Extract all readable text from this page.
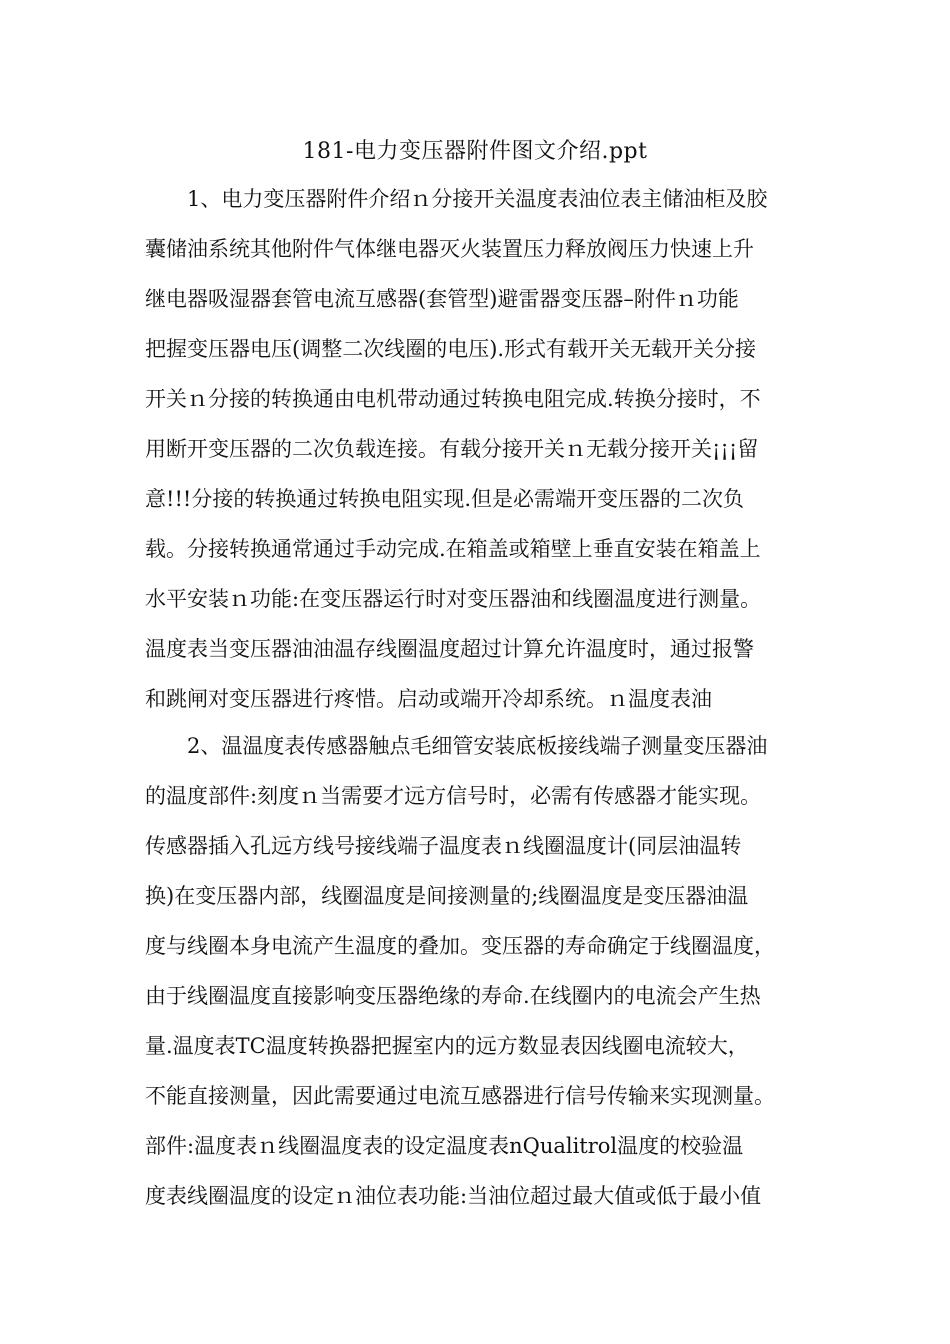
181-电力变压器附件图文介绍.ppt
1、电力变压器附件介绍ｎ分接开关温度表油位表主储油柜及胶
囊储油系统其他附件气体继电器灭火装置压力释放阀压力快速上升
继电器吸湿器套管电流互感器(套管型)避雷器变压器–附件ｎ功能
把握变压器电压(调整二次线圈的电压).形式有载开关无载开关分接
开关ｎ分接的转换通由电机带动通过转换电阻完成.转换分接时，不
用断开变压器的二次负载连接。有载分接开关ｎ无载分接开关¡¡¡留
意!!!分接的转换通过转换电阻实现.但是必需端开变压器的二次负
载。分接转换通常通过手动完成.在箱盖或箱壁上垂直安装在箱盖上
水平安装ｎ功能:在变压器运行时对变压器油和线圈温度进行测量。
温度表当变压器油油温存线圈温度超过计算允许温度时，通过报警
和跳闸对变压器进行疼惜。启动或端开冷却系统。ｎ温度表油
2、温温度表传感器触点毛细管安装底板接线端子测量变压器油
的温度部件:刻度ｎ当需要才远方信号时，必需有传感器才能实现。
传感器插入孔远方线号接线端子温度表ｎ线圈温度计(同层油温转
换)在变压器内部，线圈温度是间接测量的;线圈温度是变压器油温
度与线圈本身电流产生温度的叠加。变压器的寿命确定于线圈温度，
由于线圈温度直接影响变压器绝缘的寿命.在线圈内的电流会产生热
量.温度表TC温度转换器把握室内的远方数显表因线圈电流较大，
不能直接测量，因此需要通过电流互感器进行信号传输来实现测量。
部件:温度表ｎ线圈温度表的设定温度表nQualitrol温度的校验温
度表线圈温度的设定ｎ油位表功能:当油位超过最大值或低于最小值
